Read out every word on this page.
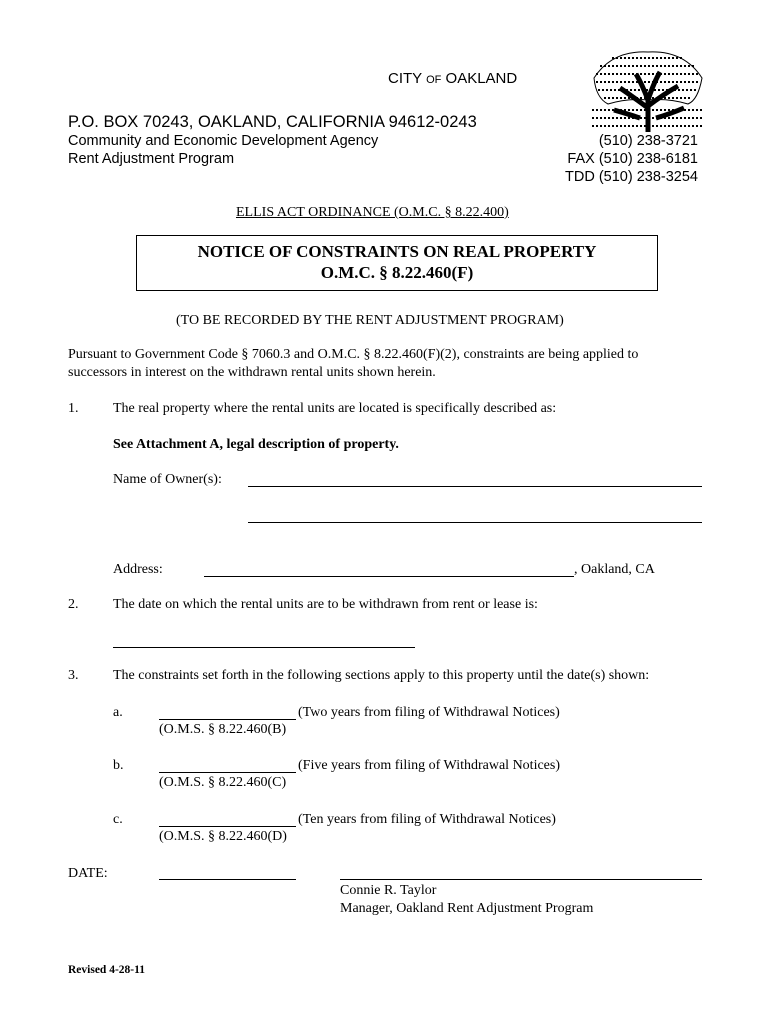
CITY OF OAKLAND
P.O. BOX 70243, OAKLAND, CALIFORNIA 94612-0243
Community and Economic Development Agency
Rent Adjustment Program
(510) 238-3721
FAX (510) 238-6181
TDD (510) 238-3254
ELLIS ACT ORDINANCE (O.M.C. § 8.22.400)
NOTICE OF CONSTRAINTS ON REAL PROPERTY
O.M.C. § 8.22.460(F)
(TO BE RECORDED BY THE RENT ADJUSTMENT PROGRAM)
Pursuant to Government Code § 7060.3 and O.M.C. § 8.22.460(F)(2), constraints are being applied to
successors in interest on the withdrawn rental units shown herein.
1. The real property where the rental units are located is specifically described as:
See Attachment A, legal description of property.
Name of Owner(s):
Address:	, Oakland, CA
2. The date on which the rental units are to be withdrawn from rent or lease is:
3. The constraints set forth in the following sections apply to this property until the date(s) shown:
a.	(Two years from filing of Withdrawal Notices)
(O.M.S. § 8.22.460(B)
b.	(Five years from filing of Withdrawal Notices)
(O.M.S. § 8.22.460(C)
c.	(Ten years from filing of Withdrawal Notices)
(O.M.S. § 8.22.460(D)
DATE:
Connie R. Taylor
Manager, Oakland Rent Adjustment Program
Revised 4-28-11
